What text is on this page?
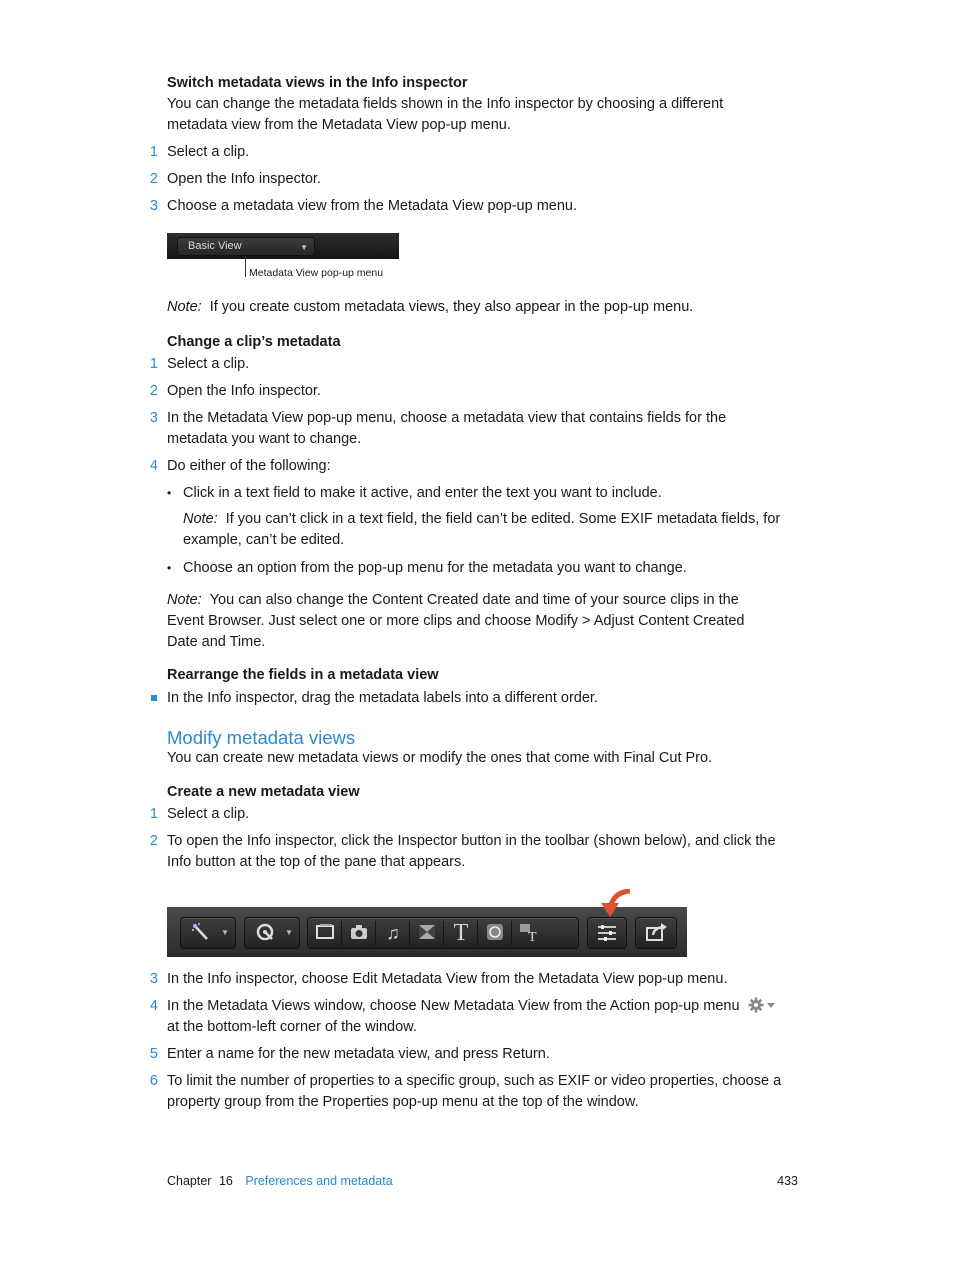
Switch metadata views in the Info inspector
You can change the metadata fields shown in the Info inspector by choosing a different
metadata view from the Metadata View pop-up menu.
1 Select a clip.
2 Open the Info inspector.
3 Choose a metadata view from the Metadata View pop-up menu.
Basic View	▼
Metadata View pop-up menu
Note: If you create custom metadata views, they also appear in the pop-up menu.
Change a clip’s metadata
1 Select a clip.
2 Open the Info inspector.
3 In the Metadata View pop-up menu, choose a metadata view that contains fields for the
metadata you want to change.
4 Do either of the following:
• Click in a text field to make it active, and enter the text you want to include.
Note: If you can’t click in a text field, the field can’t be edited. Some EXIF metadata fields, for
example, can’t be edited.
• Choose an option from the pop-up menu for the metadata you want to change.
Note: You can also change the Content Created date and time of your source clips in the
Event Browser. Just select one or more clips and choose Modify > Adjust Content Created
Date and Time.
Rearrange the fields in a metadata view
In the Info inspector, drag the metadata labels into a different order.
Modify metadata views
You can create new metadata views or modify the ones that come with Final Cut Pro.
Create a new metadata view
1 Select a clip.
2 To open the Info inspector, click the Inspector button in the toolbar (shown below), and click the
Info button at the top of the pane that appears.
▼	▼	♫	T	T
3 In the Info inspector, choose Edit Metadata View from the Metadata View pop-up menu.
4 In the Metadata Views window, choose New Metadata View from the Action pop-up menu
at the bottom-left corner of the window.
5 Enter a name for the new metadata view, and press Return.
6 To limit the number of properties to a specific group, such as EXIF or video properties, choose a
property group from the Properties pop-up menu at the top of the window.
Chapter 16 Preferences and metadata	433
